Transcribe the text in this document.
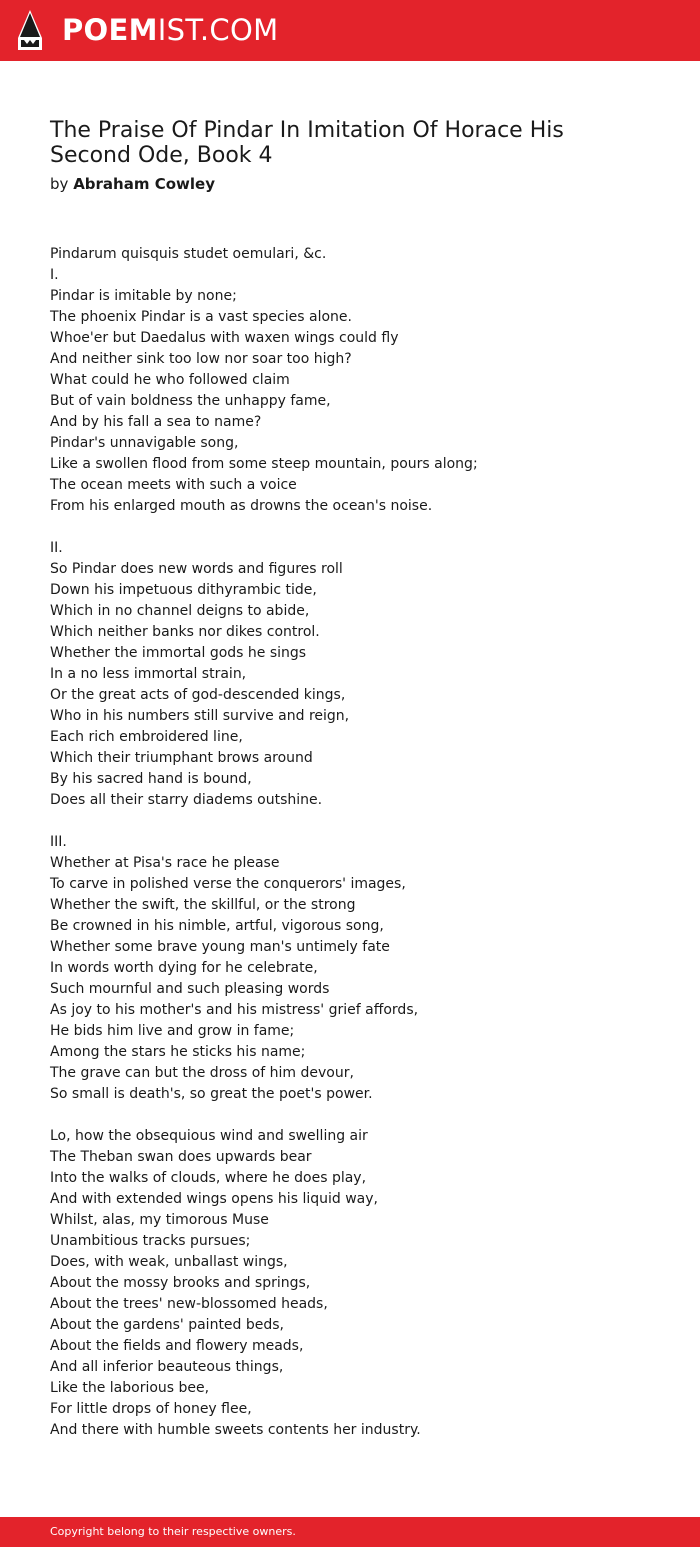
POEMIST.COM
The Praise Of Pindar In Imitation Of Horace His Second Ode, Book 4
by Abraham Cowley
Pindarum quisquis studet oemulari, &c.
I.
Pindar is imitable by none;
The phoenix Pindar is a vast species alone.
Whoe'er but Daedalus with waxen wings could fly
And neither sink too low nor soar too high?
What could he who followed claim
But of vain boldness the unhappy fame,
And by his fall a sea to name?
Pindar's unnavigable song,
Like a swollen flood from some steep mountain, pours along;
The ocean meets with such a voice
From his enlarged mouth as drowns the ocean's noise.

II.
So Pindar does new words and figures roll
Down his impetuous dithyrambic tide,
Which in no channel deigns to abide,
Which neither banks nor dikes control.
Whether the immortal gods he sings
In a no less immortal strain,
Or the great acts of god-descended kings,
Who in his numbers still survive and reign,
Each rich embroidered line,
Which their triumphant brows around
By his sacred hand is bound,
Does all their starry diadems outshine.

III.
Whether at Pisa's race he please
To carve in polished verse the conquerors' images,
Whether the swift, the skillful, or the strong
Be crowned in his nimble, artful, vigorous song,
Whether some brave young man's untimely fate
In words worth dying for he celebrate,
Such mournful and such pleasing words
As joy to his mother's and his mistress' grief affords,
He bids him live and grow in fame;
Among the stars he sticks his name;
The grave can but the dross of him devour,
So small is death's, so great the poet's power.

Lo, how the obsequious wind and swelling air
The Theban swan does upwards bear
Into the walks of clouds, where he does play,
And with extended wings opens his liquid way,
Whilst, alas, my timorous Muse
Unambitious tracks pursues;
Does, with weak, unballast wings,
About the mossy brooks and springs,
About the trees' new-blossomed heads,
About the gardens' painted beds,
About the fields and flowery meads,
And all inferior beauteous things,
Like the laborious bee,
For little drops of honey flee,
And there with humble sweets contents her industry.
Copyright belong to their respective owners.
